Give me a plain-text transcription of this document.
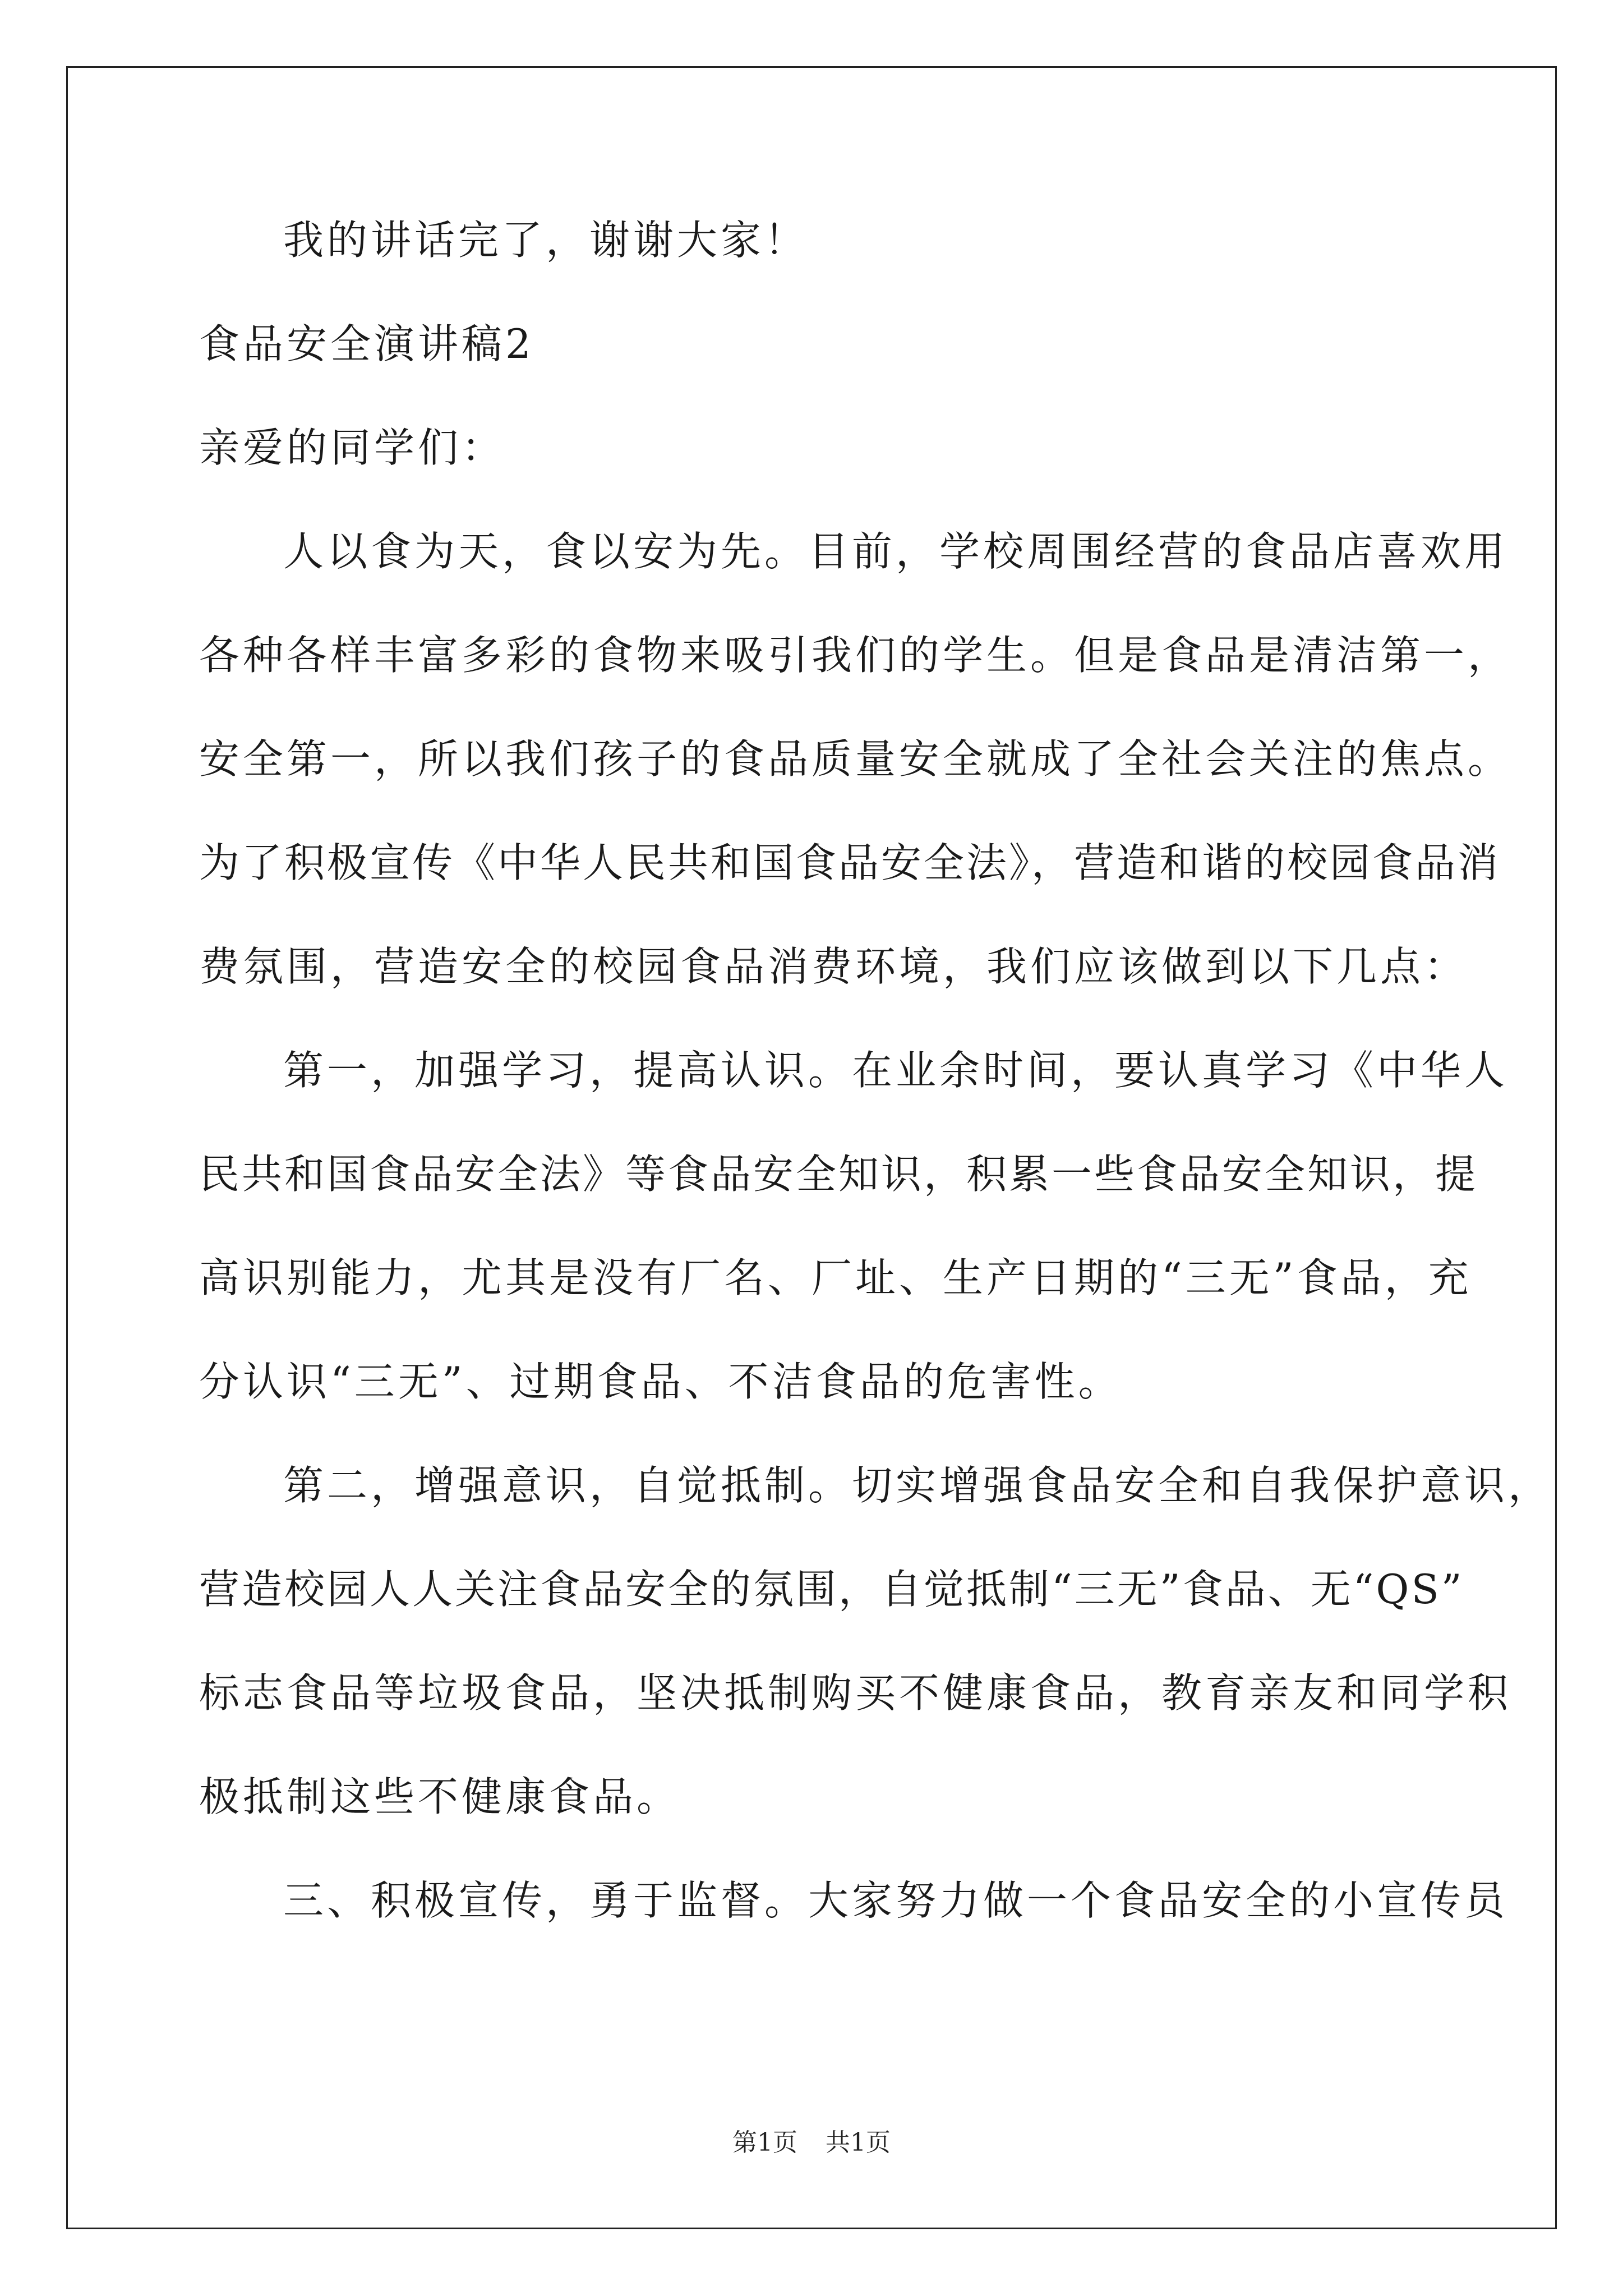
我的讲话完了，谢谢大家！
食品安全演讲稿2
亲爱的同学们：
人以食为天，食以安为先。目前，学校周围经营的食品店喜欢用
各种各样丰富多彩的食物来吸引我们的学生。但是食品是清洁第一，
安全第一，所以我们孩子的食品质量安全就成了全社会关注的焦点。
为了积极宣传《中华人民共和国食品安全法》，营造和谐的校园食品消
费氛围，营造安全的校园食品消费环境，我们应该做到以下几点：
第一，加强学习，提高认识。在业余时间，要认真学习《中华人
民共和国食品安全法》等食品安全知识，积累一些食品安全知识，提
高识别能力，尤其是没有厂名、厂址、生产日期的“三无”食品，充
分认识“三无”、过期食品、不洁食品的危害性。
第二，增强意识，自觉抵制。切实增强食品安全和自我保护意识，
营造校园人人关注食品安全的氛围，自觉抵制“三无”食品、无“QS”
标志食品等垃圾食品，坚决抵制购买不健康食品，教育亲友和同学积
极抵制这些不健康食品。
三、积极宣传，勇于监督。大家努力做一个食品安全的小宣传员
第1页 共1页
